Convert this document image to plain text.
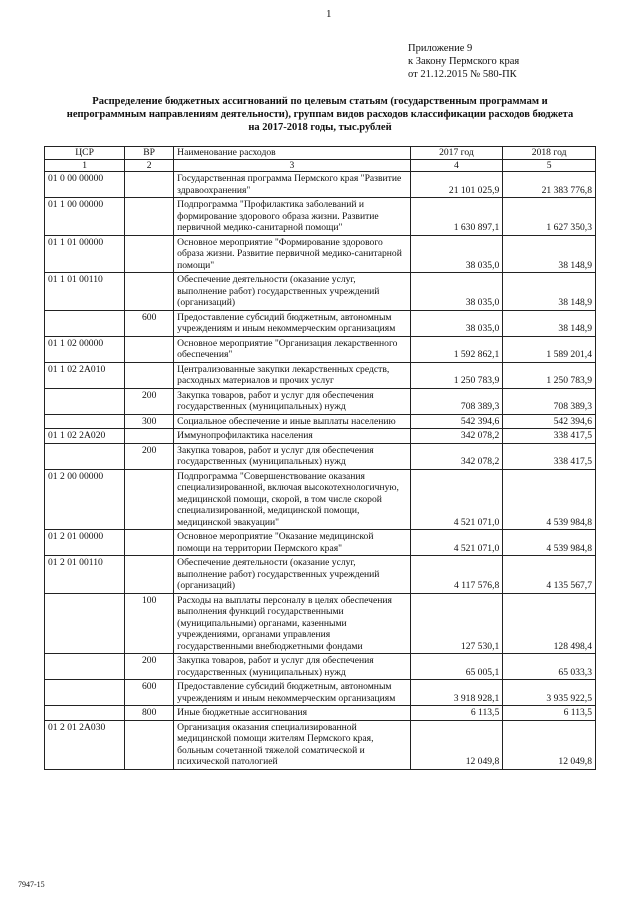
1
Приложение 9
к Закону Пермского края
от 21.12.2015 № 580-ПК
Распределение бюджетных ассигнований по целевым статьям (государственным программам и непрограммным направлениям деятельности), группам видов расходов классификации расходов бюджета на 2017-2018 годы, тыс.рублей
ЦСР	ВР	Наименование расходов	2017 год	2018 год
1	2	3	4	5
01 0 00 00000		Государственная программа Пермского края "Развитие здравоохранения"	21 101 025,9	21 383 776,8
01 1 00 00000		Подпрограмма "Профилактика заболеваний и формирование здорового образа жизни. Развитие первичной медико-санитарной помощи"	1 630 897,1	1 627 350,3
01 1 01 00000		Основное мероприятие "Формирование здорового образа жизни. Развитие первичной медико-санитарной помощи"	38 035,0	38 148,9
01 1 01 00110		Обеспечение деятельности (оказание услуг, выполнение работ) государственных учреждений (организаций)	38 035,0	38 148,9
	600	Предоставление субсидий бюджетным, автономным учреждениям и иным некоммерческим организациям	38 035,0	38 148,9
01 1 02 00000		Основное мероприятие "Организация лекарственного обеспечения"	1 592 862,1	1 589 201,4
01 1 02 2А010		Централизованные закупки лекарственных средств, расходных материалов и прочих услуг	1 250 783,9	1 250 783,9
	200	Закупка товаров, работ и услуг для обеспечения государственных (муниципальных) нужд	708 389,3	708 389,3
	300	Социальное обеспечение и иные выплаты населению	542 394,6	542 394,6
01 1 02 2А020		Иммунопрофилактика населения	342 078,2	338 417,5
	200	Закупка товаров, работ и услуг для обеспечения государственных (муниципальных) нужд	342 078,2	338 417,5
01 2 00 00000		Подпрограмма "Совершенствование оказания специализированной, включая высокотехнологичную, медицинской помощи, скорой, в том числе скорой специализированной, медицинской помощи, медицинской эвакуации"	4 521 071,0	4 539 984,8
01 2 01 00000		Основное мероприятие "Оказание медицинской помощи на территории Пермского края"	4 521 071,0	4 539 984,8
01 2 01 00110		Обеспечение деятельности (оказание услуг, выполнение работ) государственных учреждений (организаций)	4 117 576,8	4 135 567,7
	100	Расходы на выплаты персоналу в целях обеспечения выполнения функций государственными (муниципальными) органами, казенными учреждениями, органами управления государственными внебюджетными фондами	127 530,1	128 498,4
	200	Закупка товаров, работ и услуг для обеспечения государственных (муниципальных) нужд	65 005,1	65 033,3
	600	Предоставление субсидий бюджетным, автономным учреждениям и иным некоммерческим организациям	3 918 928,1	3 935 922,5
	800	Иные бюджетные ассигнования	6 113,5	6 113,5
01 2 01 2А030		Организация оказания специализированной медицинской помощи жителям Пермского края, больным сочетанной тяжелой соматической и психической патологией	12 049,8	12 049,8
7947-15
